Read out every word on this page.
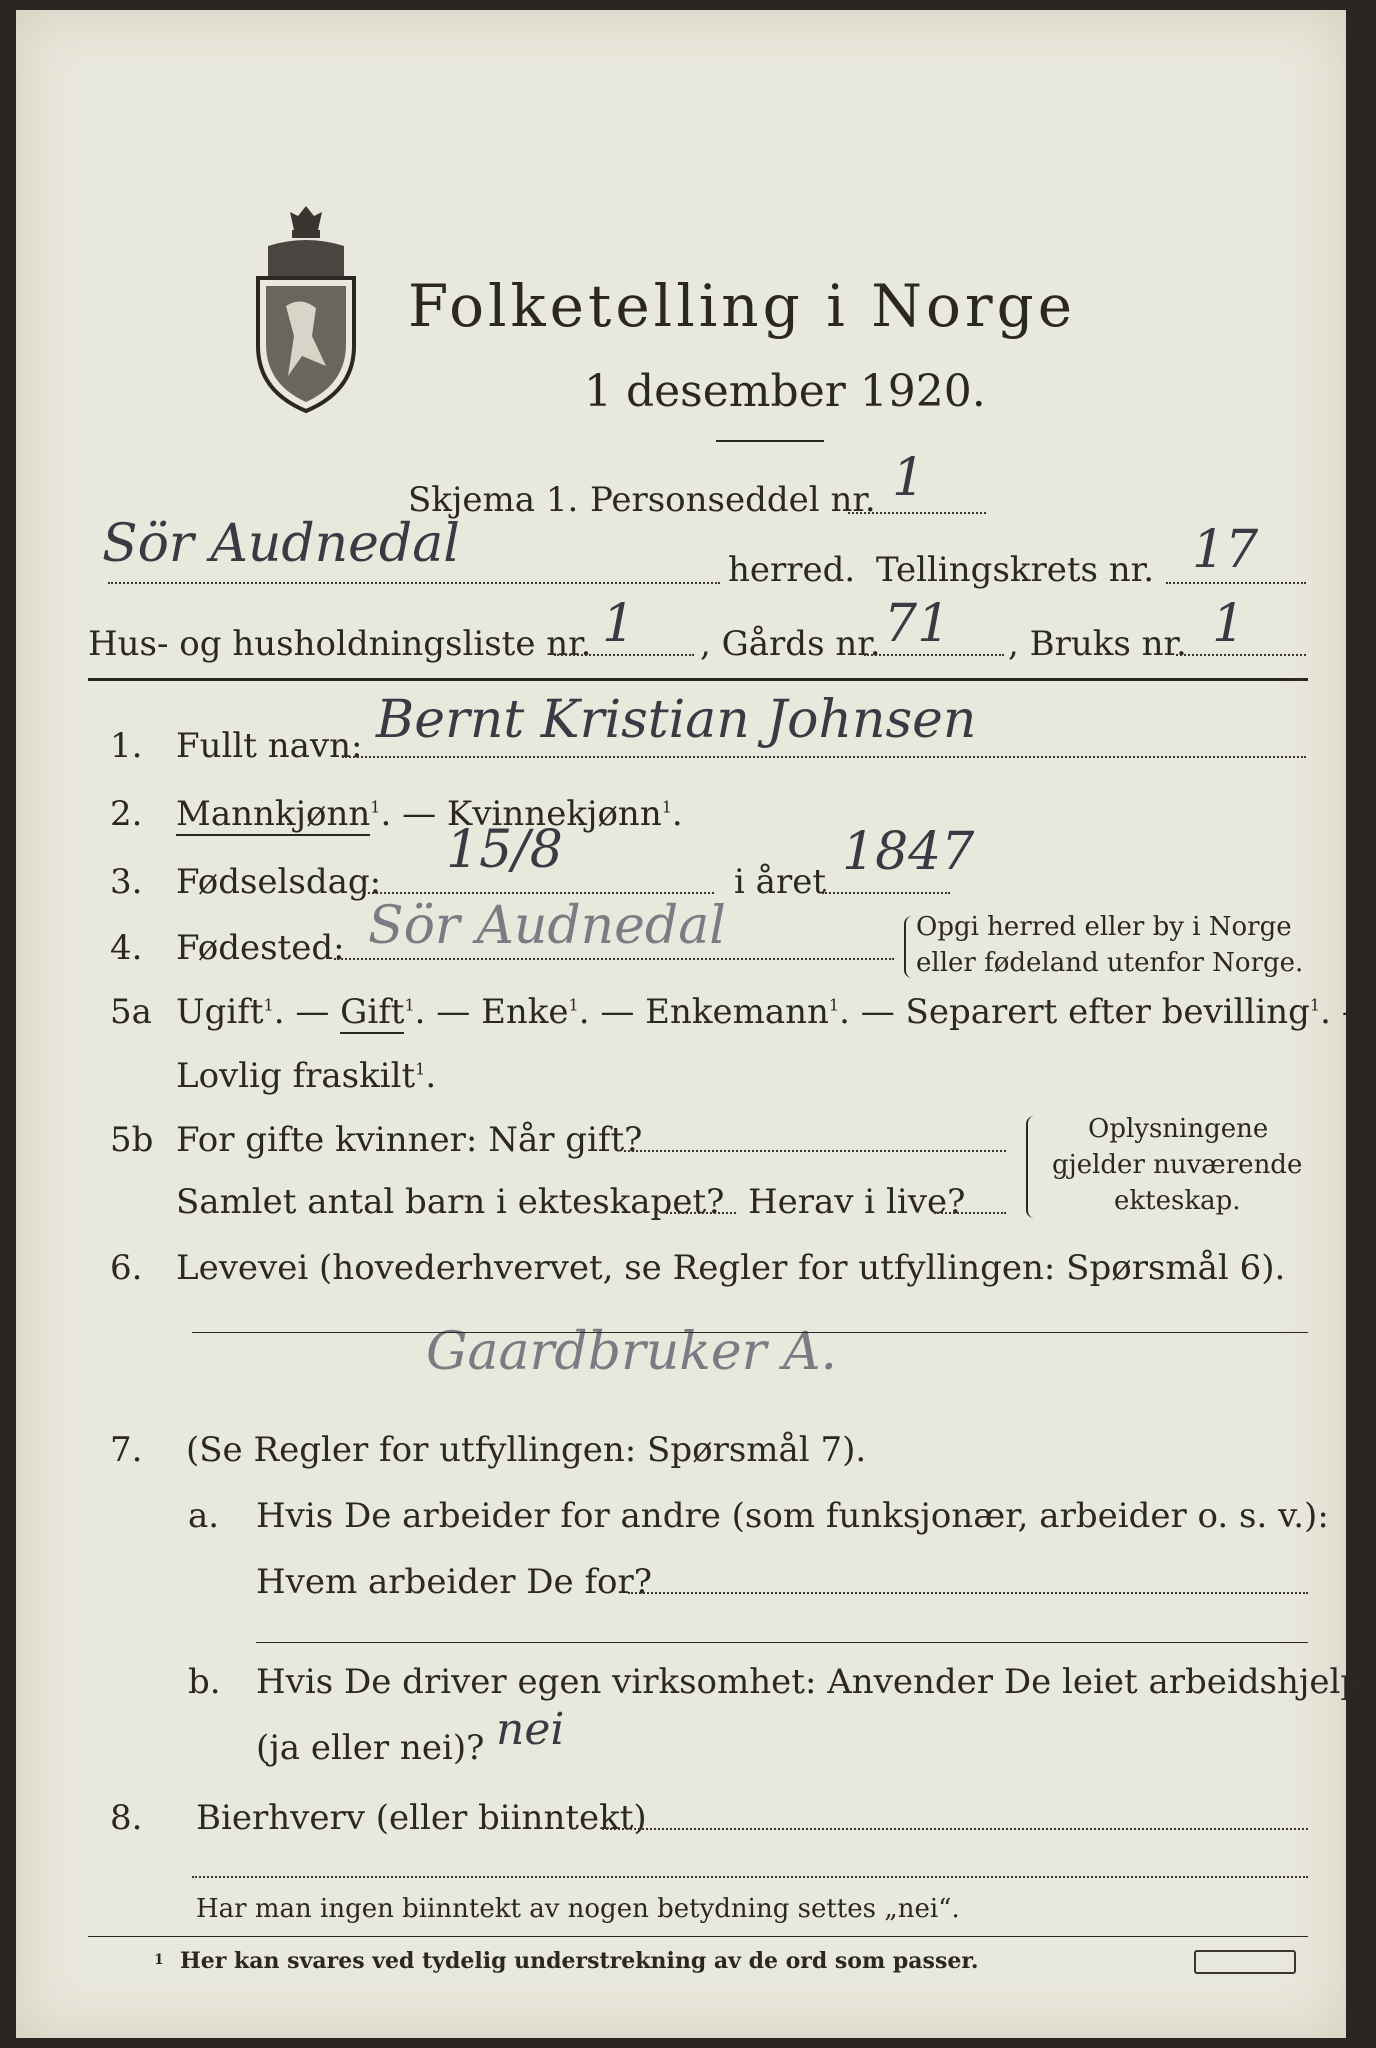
Folketelling i Norge
1 desember 1920.
Skjema 1. Personseddel nr. 1
Sör Audnedal	herred. Tellingskrets nr. 17
Hus- og husholdningsliste nr. 1 , Gårds nr. 71 , Bruks nr. 1
1. Fullt navn: Bernt Kristian Johnsen
2. Mannkjønn$^1$. — Kvinnekjønn$^1$.
3. Fødselsdag:
15/8
i året 1847
4. Fødested: Sör Audnedal	Opgi herred eller by i Norge
eller fødeland utenfor Norge.
5a Ugift$^1$. — Gift$^1$. — Enke$^1$. — Enkemann$^1$. — Separert efter bevilling$^1$. —
Lovlig fraskilt$^1$.
5b For gifte kvinner: Når gift?
Samlet antal barn i ekteskapet? Herav i live?
Oplysningene
gjelder nuværende
ekteskap.
6. Levevei (hovederhvervet, se Regler for utfyllingen: Spørsmål 6).
Gaardbruker A.
7. (Se Regler for utfyllingen: Spørsmål 7).
a. Hvis De arbeider for andre (som funksjonær, arbeider o. s. v.):
Hvem arbeider De for?
b. Hvis De driver egen virksomhet: Anvender De leiet arbeidshjelp
(ja eller nei)? nei
8. Bierhverv (eller biinntekt)
Har man ingen biinntekt av nogen betydning settes „nei“.
1 Her kan svares ved tydelig understrekning av de ord som passer.
